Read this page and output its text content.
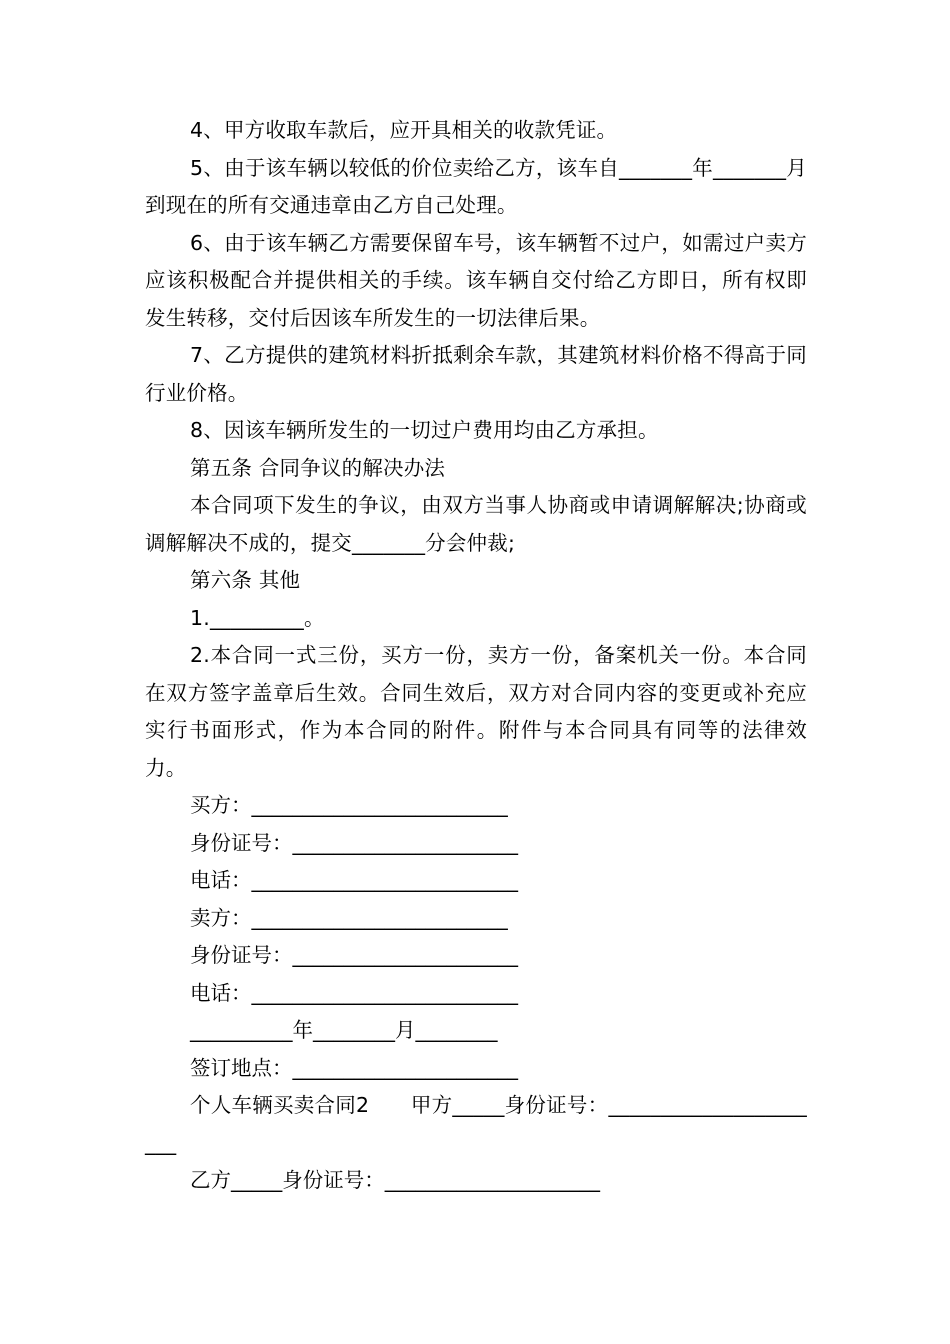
4、甲方收取车款后，应开具相关的收款凭证。

5、由于该车辆以较低的价位卖给乙方，该车自_______年_______月到现在的所有交通违章由乙方自己处理。

6、由于该车辆乙方需要保留车号，该车辆暂不过户，如需过户卖方应该积极配合并提供相关的手续。该车辆自交付给乙方即日，所有权即发生转移，交付后因该车所发生的一切法律后果。

7、乙方提供的建筑材料折抵剩余车款，其建筑材料价格不得高于同行业价格。

8、因该车辆所发生的一切过户费用均由乙方承担。

第五条 合同争议的解决办法

本合同项下发生的争议，由双方当事人协商或申请调解解决;协商或调解解决不成的，提交_______分会仲裁;

第六条 其他

1._________。

2.本合同一式三份，买方一份，卖方一份，备案机关一份。本合同在双方签字盖章后生效。合同生效后，双方对合同内容的变更或补充应实行书面形式，作为本合同的附件。附件与本合同具有同等的法律效力。

买方：_________________________

身份证号：______________________

电话：__________________________

卖方：_________________________

身份证号：______________________

电话：__________________________

__________年________月________

签订地点：______________________

个人车辆买卖合同2　　甲方_____身份证号：______________________

乙方_____身份证号：_____________________
